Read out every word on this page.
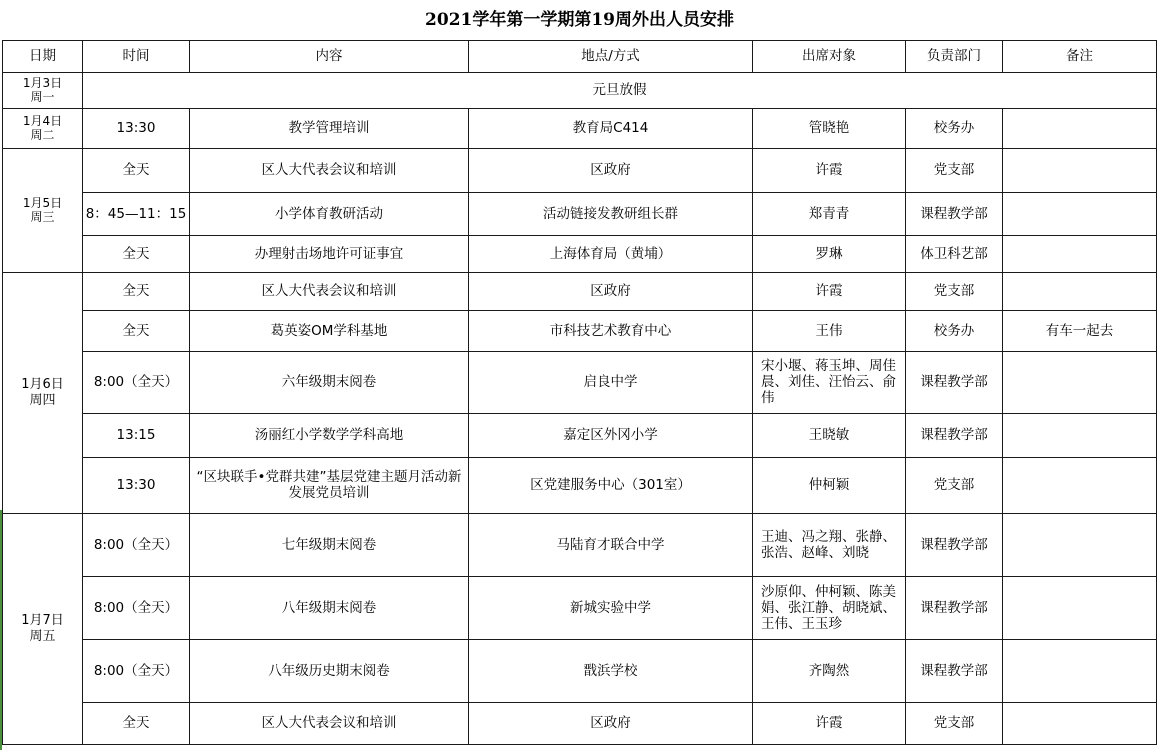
2021学年第一学期第19周外出人员安排						
日期	时间	内容	地点/方式	出席对象	负责部门	备注

1月3日
周一	元旦放假					

1月4日
周二	13:30	教学管理培训	教育局C414	管晓艳	校务办	

1月5日
周三	全天	区人大代表会议和培训	区政府	许霞	党支部	
	8：45—11：15	小学体育教研活动	活动链接发教研组长群	郑青青	课程教学部	
	全天	办理射击场地许可证事宜	上海体育局（黄埔）	罗琳	体卫科艺部	

1月6日
周四	全天	区人大代表会议和培训	区政府	许霞	党支部	
	全天	葛英姿OM学科基地	市科技艺术教育中心	王伟	校务办	有车一起去
	8:00（全天）	六年级期末阅卷	启良中学	宋小堰、蒋玉坤、周佳晨、刘佳、汪怡云、俞伟	课程教学部	
	13:15	汤丽红小学数学学科高地	嘉定区外冈小学	王晓敏	课程教学部	
	13:30	“区块联手•党群共建”基层党建主题月活动新发展党员培训	区党建服务中心（301室）	仲柯颖	党支部	

1月7日
周五	8:00（全天）	七年级期末阅卷	马陆育才联合中学	王迪、冯之翔、张静、张浩、赵峰、刘晓	课程教学部	
	8:00（全天）	八年级期末阅卷	新城实验中学	沙原仰、仲柯颖、陈美娟、张江静、胡晓斌、王伟、王玉珍	课程教学部	
	8:00（全天）	八年级历史期末阅卷	戬浜学校	齐陶然	课程教学部	
	全天	区人大代表会议和培训	区政府	许霞	党支部	
